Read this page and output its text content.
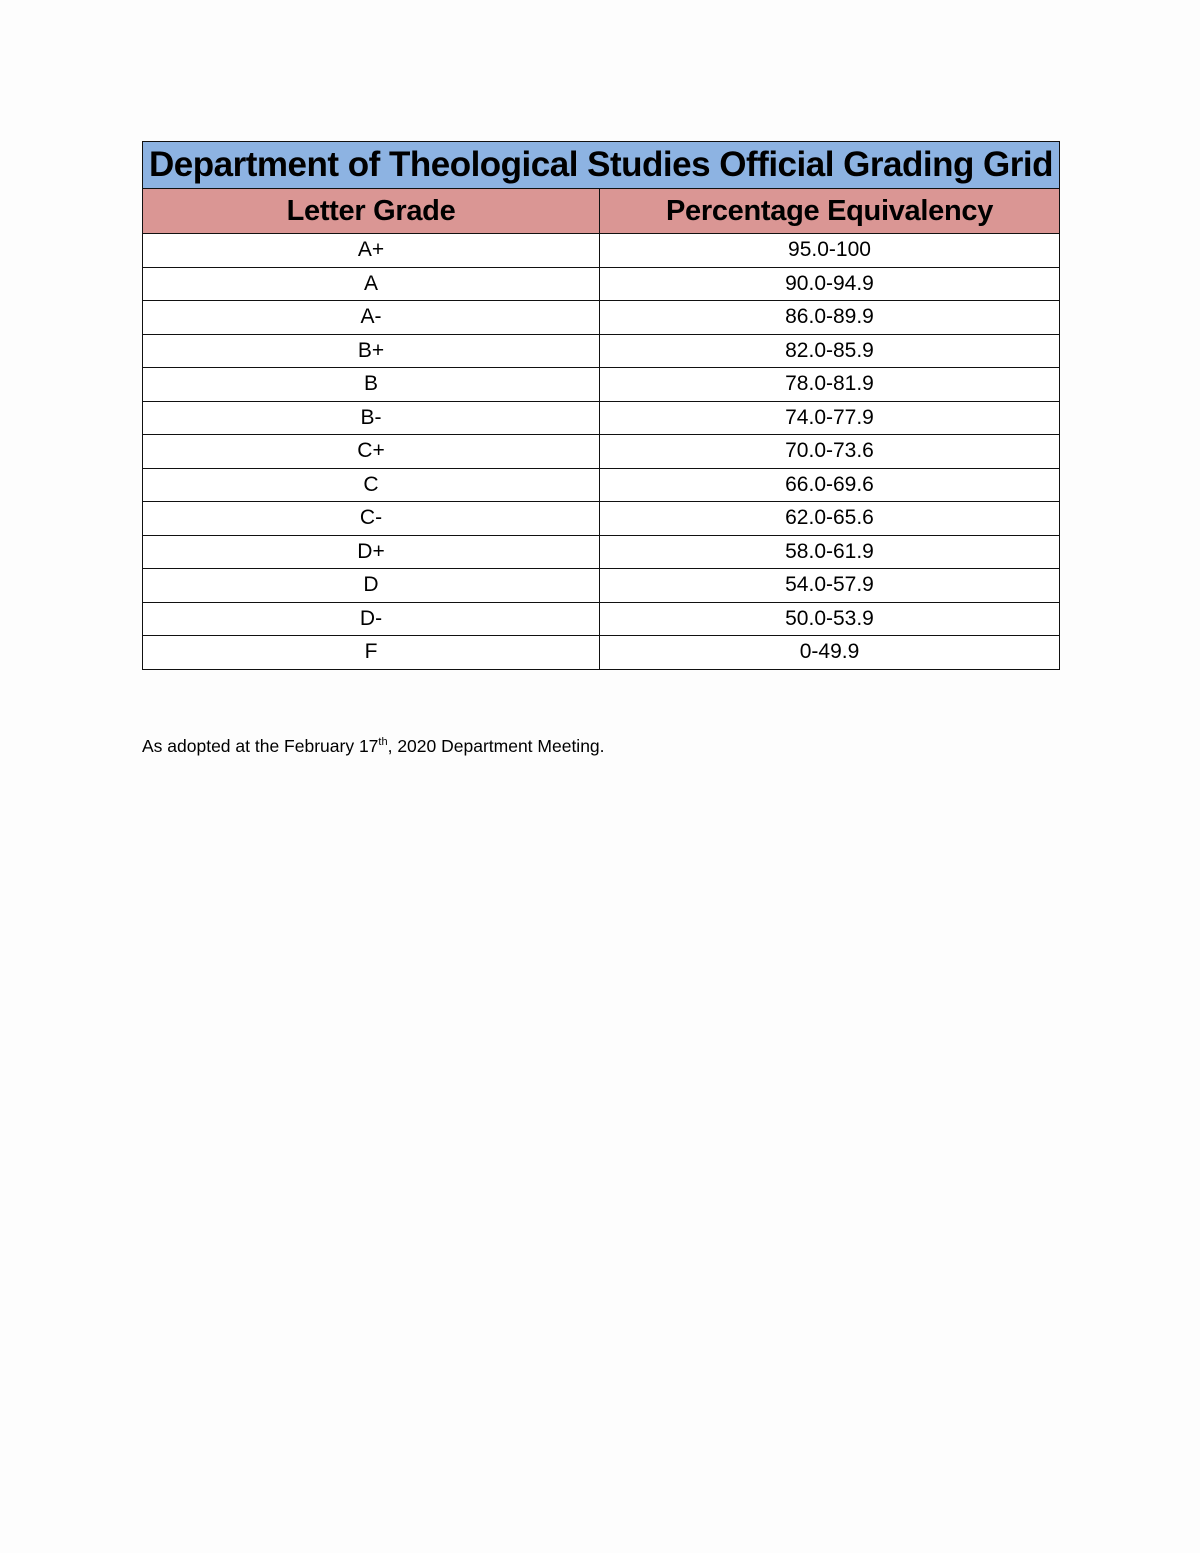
Department of Theological Studies Official Grading Grid	
Letter Grade	Percentage Equivalency
A+	95.0-100
A	90.0-94.9
A-	86.0-89.9
B+	82.0-85.9
B	78.0-81.9
B-	74.0-77.9
C+	70.0-73.6
C	66.0-69.6
C-	62.0-65.6
D+	58.0-61.9
D	54.0-57.9
D-	50.0-53.9
F	0-49.9
As adopted at the February 17th, 2020 Department Meeting.
